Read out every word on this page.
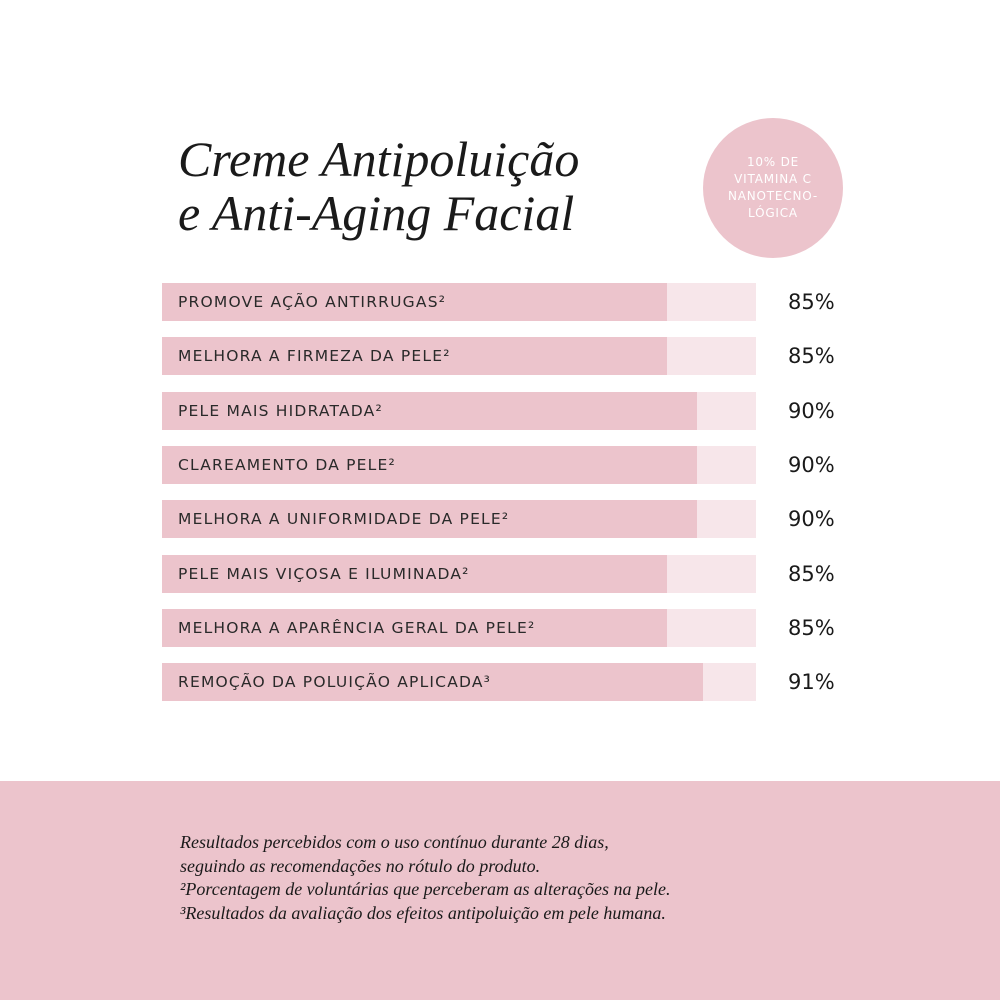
Creme Antipoluição
e Anti-Aging Facial
10% DE
VITAMINA C
NANOTECNO-
LÓGICA
PROMOVE AÇÃO ANTIRRUGAS²	85%
MELHORA A FIRMEZA DA PELE²	85%
PELE MAIS HIDRATADA²	90%
CLAREAMENTO DA PELE²	90%
MELHORA A UNIFORMIDADE DA PELE²	90%
PELE MAIS VIÇOSA E ILUMINADA²	85%
MELHORA A APARÊNCIA GERAL DA PELE²	85%
REMOÇÃO DA POLUIÇÃO APLICADA³	91%
Resultados percebidos com o uso contínuo durante 28 dias,
seguindo as recomendações no rótulo do produto.
²Porcentagem de voluntárias que perceberam as alterações na pele.
³Resultados da avaliação dos efeitos antipoluição em pele humana.
